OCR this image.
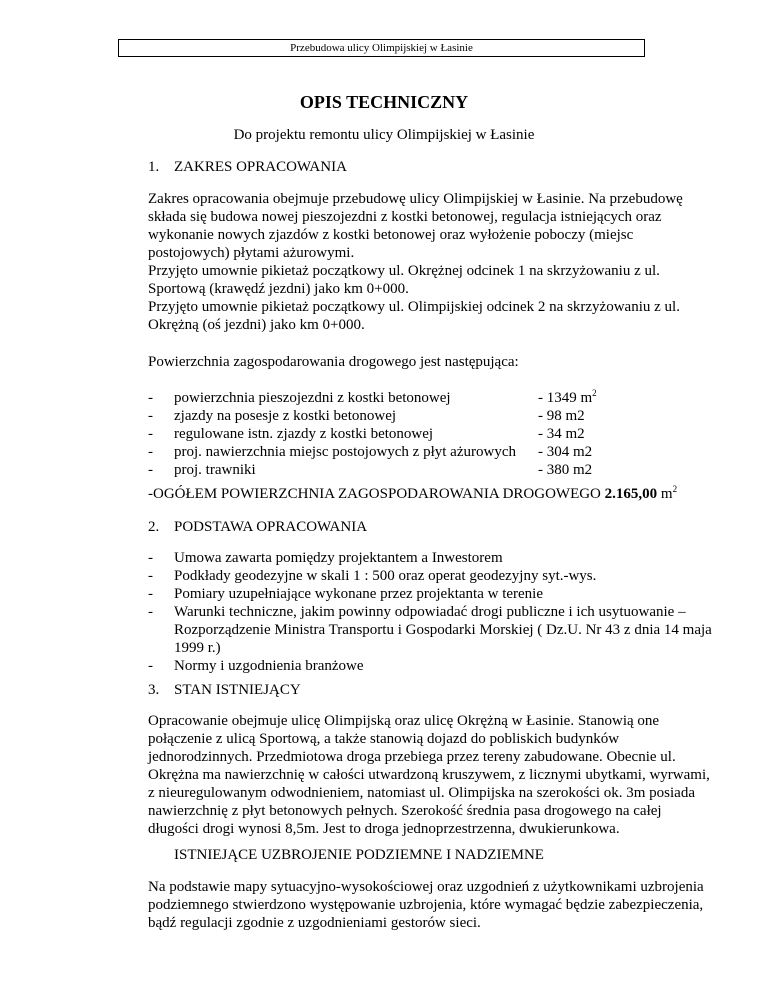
Przebudowa ulicy Olimpijskiej w Łasinie
OPIS TECHNICZNY
Do projektu remontu ulicy Olimpijskiej w Łasinie
1. ZAKRES OPRACOWANIA

Zakres opracowania obejmuje przebudowę ulicy Olimpijskiej w Łasinie. Na przebudowę

składa się budowa nowej pieszojezdni z kostki betonowej, regulacja istniejących oraz

wykonanie nowych zjazdów z kostki betonowej oraz wyłożenie poboczy (miejsc

postojowych) płytami ażurowymi.

Przyjęto umownie pikietaż początkowy ul. Okrężnej odcinek 1 na skrzyżowaniu z ul.

Sportową (krawędź jezdni) jako km 0+000.

Przyjęto umownie pikietaż początkowy ul. Olimpijskiej odcinek 2 na skrzyżowaniu z ul.

Okrężną (oś jezdni) jako km 0+000.

Powierzchnia zagospodarowania drogowego jest następująca:
-	powierzchnia pieszojezdni z kostki betonowej	- 1349 $m^2$
-	zjazdy na posesje z kostki betonowej	- 98 m2
-	regulowane istn. zjazdy z kostki betonowej	- 34 m2
-	proj. nawierzchnia miejsc postojowych z płyt ażurowych	- 304 m2
-	proj. trawniki	- 380 m2
-OGÓŁEM POWIERZCHNIA ZAGOSPODAROWANIA DROGOWEGO 2.165,00 $m^2$
2. PODSTAWA OPRACOWANIA
-	Umowa zawarta pomiędzy projektantem a Inwestorem
-	Podkłady geodezyjne w skali 1 : 500 oraz operat geodezyjny syt.-wys.
-	Pomiary uzupełniające wykonane przez projektanta w terenie
-	Warunki techniczne, jakim powinny odpowiadać drogi publiczne i ich usytuowanie –
Rozporządzenie Ministra Transportu i Gospodarki Morskiej ( Dz.U. Nr 43 z dnia 14 maja
1999 r.)
-	Normy i uzgodnienia branżowe
3. STAN ISTNIEJĄCY

Opracowanie obejmuje ulicę Olimpijską oraz ulicę Okrężną w Łasinie. Stanowią one

połączenie z ulicą Sportową, a także stanowią dojazd do pobliskich budynków

jednorodzinnych. Przedmiotowa droga przebiega przez tereny zabudowane. Obecnie ul.

Okrężna ma nawierzchnię w całości utwardzoną kruszywem, z licznymi ubytkami, wyrwami,

z nieuregulowanym odwodnieniem, natomiast ul. Olimpijska na szerokości ok. 3m posiada

nawierzchnię z płyt betonowych pełnych. Szerokość średnia pasa drogowego na całej

długości drogi wynosi 8,5m. Jest to droga jednoprzestrzenna, dwukierunkowa.

ISTNIEJĄCE UZBROJENIE PODZIEMNE I NADZIEMNE

Na podstawie mapy sytuacyjno-wysokościowej oraz uzgodnień z użytkownikami uzbrojenia

podziemnego stwierdzono występowanie uzbrojenia, które wymagać będzie zabezpieczenia,

bądź regulacji zgodnie z uzgodnieniami gestorów sieci.
